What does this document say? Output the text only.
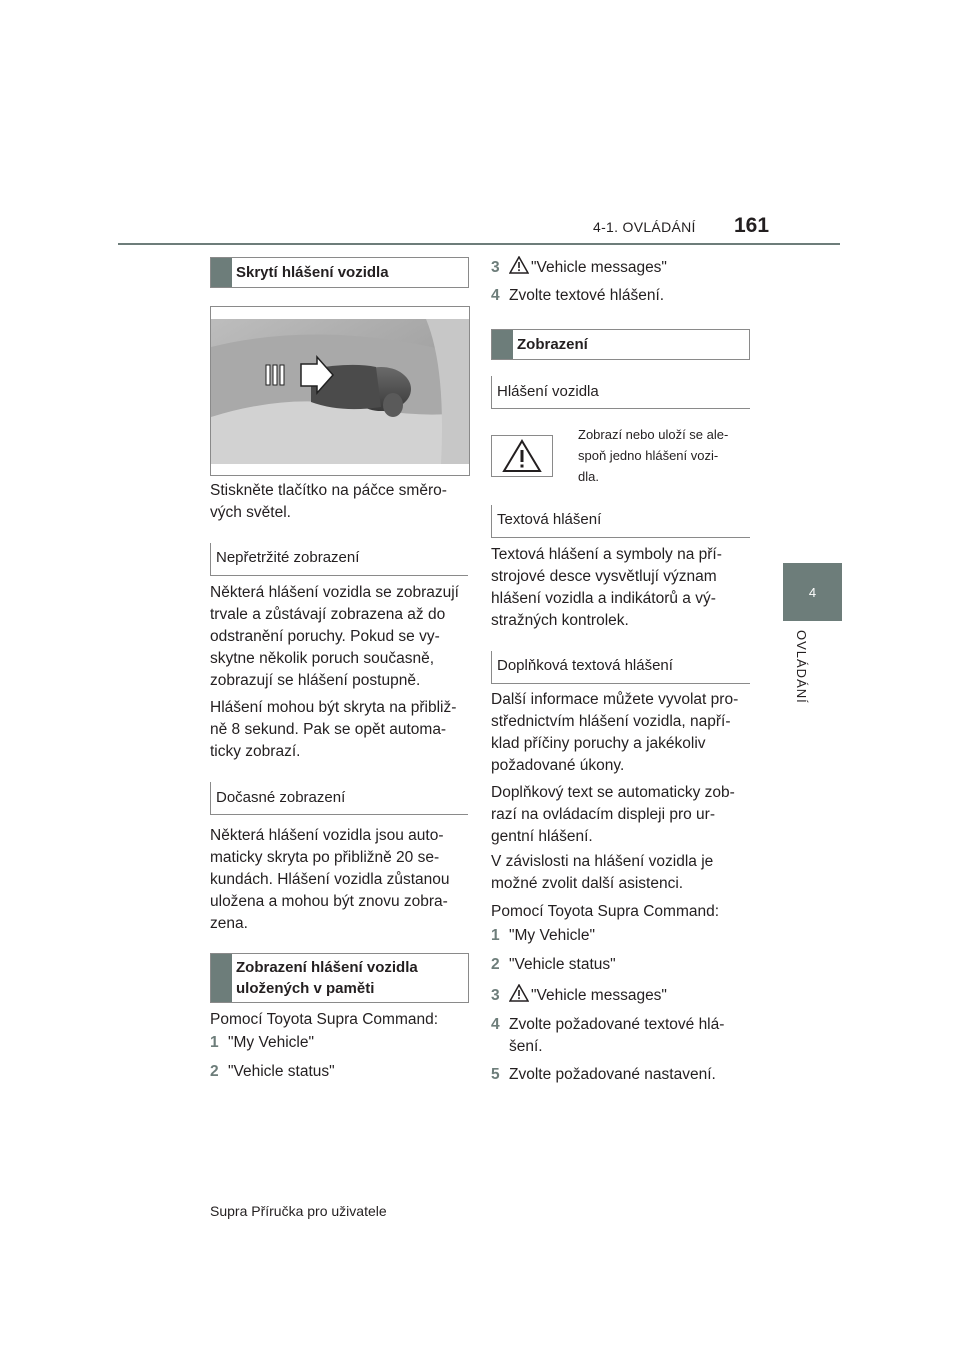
4-1. OVLÁDÁNÍ 161
4
OVLÁDÁNÍ
Skrytí hlášení vozidla
Stiskněte tlačítko na páčce směro-
vých světel.
Nepřetržité zobrazení
Některá hlášení vozidla se zobrazují
trvale a zůstávají zobrazena až do
odstranění poruchy. Pokud se vy-
skytne několik poruch současně,
zobrazují se hlášení postupně.
Hlášení mohou být skryta na přibliž-
ně 8 sekund. Pak se opět automa-
ticky zobrazí.
Dočasné zobrazení
Některá hlášení vozidla jsou auto-
maticky skryta po přibližně 20 se-
kundách. Hlášení vozidla zůstanou
uložena a mohou být znovu zobra-
zena.
Zobrazení hlášení vozidla
uložených v paměti
Pomocí Toyota Supra Command:
1 "My Vehicle"
2 "Vehicle status"
3 "Vehicle messages"
4 Zvolte textové hlášení.
Zobrazení
Hlášení vozidla
Zobrazí nebo uloží se ale-
spoň jedno hlášení vozi-
dla.
Textová hlášení
Textová hlášení a symboly na pří-
strojové desce vysvětlují význam
hlášení vozidla a indikátorů a vý-
stražných kontrolek.
Doplňková textová hlášení
Další informace můžete vyvolat pro-
střednictvím hlášení vozidla, napří-
klad příčiny poruchy a jakékoliv
požadované úkony.
Doplňkový text se automaticky zob-
razí na ovládacím displeji pro ur-
gentní hlášení.
V závislosti na hlášení vozidla je
možné zvolit další asistenci.
Pomocí Toyota Supra Command:
1 "My Vehicle"
2 "Vehicle status"
3 "Vehicle messages"
4 Zvolte požadované textové hlá-
šení.
5 Zvolte požadované nastavení.
Supra Příručka pro uživatele
